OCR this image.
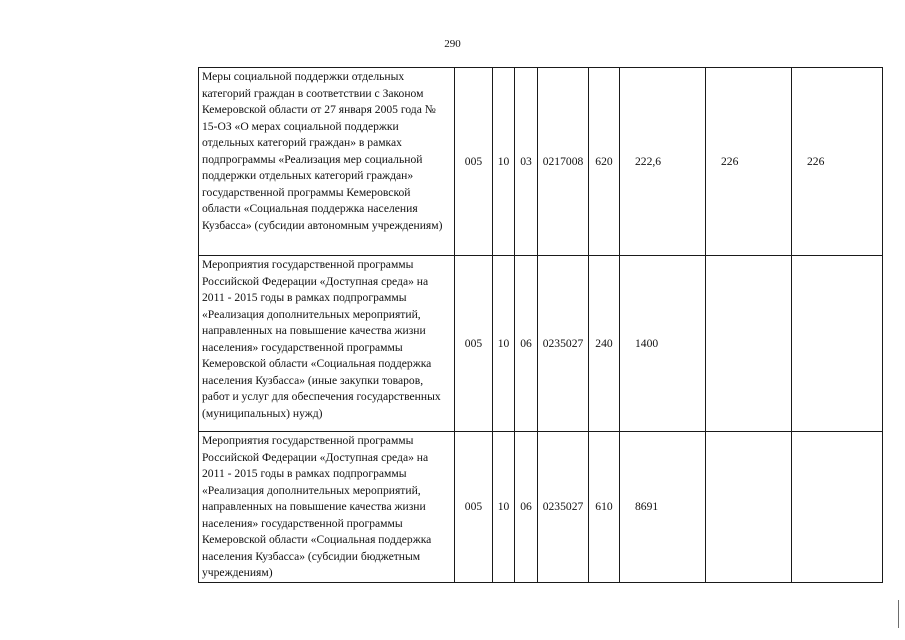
290
Меры социальной поддержки отдельных категорий граждан в соответствии с Законом Кемеровской области от 27 января 2005 года № 15-ОЗ «О мерах социальной поддержки отдельных категорий граждан» в рамках подпрограммы «Реализация мер социальной поддержки отдельных категорий граждан» государственной программы Кемеровской области «Социальная поддержка населения Кузбасса» (субсидии автономным учреждениям)	005	10	03	0217008	620	222,6	226	226
Мероприятия государственной программы Российской Федерации «Доступная среда» на 2011 - 2015 годы в рамках подпрограммы «Реализация дополнительных мероприятий, направленных на повышение качества жизни населения» государственной программы Кемеровской области «Социальная поддержка населения Кузбасса» (иные закупки товаров, работ и услуг для обеспечения государственных (муниципальных) нужд)	005	10	06	0235027	240	1400		
Мероприятия государственной программы Российской Федерации «Доступная среда» на 2011 - 2015 годы в рамках подпрограммы «Реализация дополнительных мероприятий, направленных на повышение качества жизни населения» государственной программы Кемеровской области «Социальная поддержка населения Кузбасса» (субсидии бюджетным учреждениям)	005	10	06	0235027	610	8691		
